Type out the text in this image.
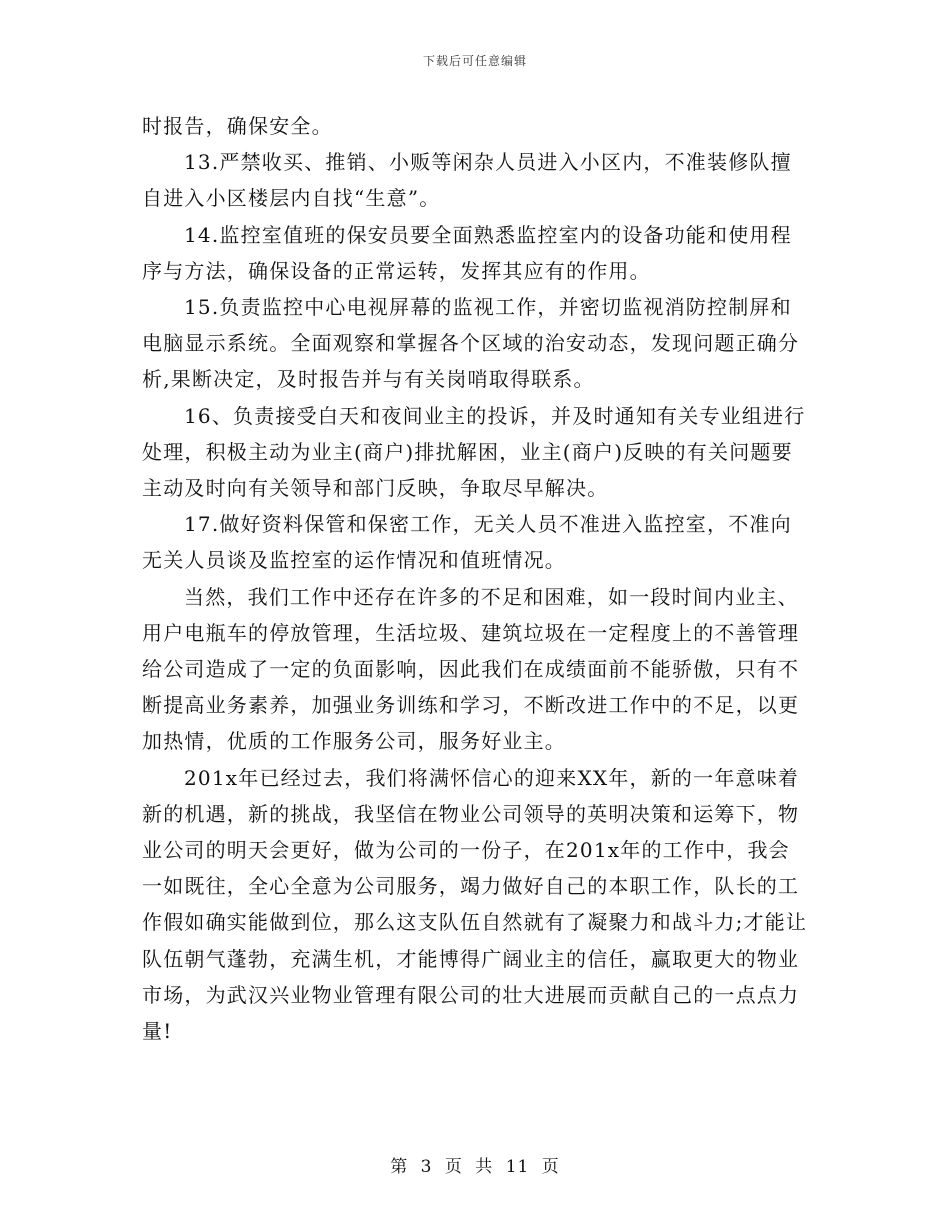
下载后可任意编辑

时报告，确保安全。

13.严禁收买、推销、小贩等闲杂人员进入小区内，不准装修队擅自进入小区楼层内自找“生意”。

14.监控室值班的保安员要全面熟悉监控室内的设备功能和使用程序与方法，确保设备的正常运转，发挥其应有的作用。

15.负责监控中心电视屏幕的监视工作，并密切监视消防控制屏和电脑显示系统。全面观察和掌握各个区域的治安动态，发现问题正确分析,果断决定，及时报告并与有关岗哨取得联系。

16、负责接受白天和夜间业主的投诉，并及时通知有关专业组进行处理，积极主动为业主(商户)排扰解困，业主(商户)反映的有关问题要主动及时向有关领导和部门反映，争取尽早解决。

17.做好资料保管和保密工作，无关人员不准进入监控室，不准向无关人员谈及监控室的运作情况和值班情况。

当然，我们工作中还存在许多的不足和困难，如一段时间内业主、用户电瓶车的停放管理，生活垃圾、建筑垃圾在一定程度上的不善管理给公司造成了一定的负面影响，因此我们在成绩面前不能骄傲，只有不断提高业务素养，加强业务训练和学习，不断改进工作中的不足，以更加热情，优质的工作服务公司，服务好业主。

201x年已经过去，我们将满怀信心的迎来XX年，新的一年意味着新的机遇，新的挑战，我坚信在物业公司领导的英明决策和运筹下，物业公司的明天会更好，做为公司的一份子，在201x年的工作中，我会一如既往，全心全意为公司服务，竭力做好自己的本职工作，队长的工作假如确实能做到位，那么这支队伍自然就有了凝聚力和战斗力;才能让队伍朝气蓬勃，充满生机，才能博得广阔业主的信任，赢取更大的物业市场，为武汉兴业物业管理有限公司的壮大进展而贡献自己的一点点力量!

第 3 页 共 11 页
